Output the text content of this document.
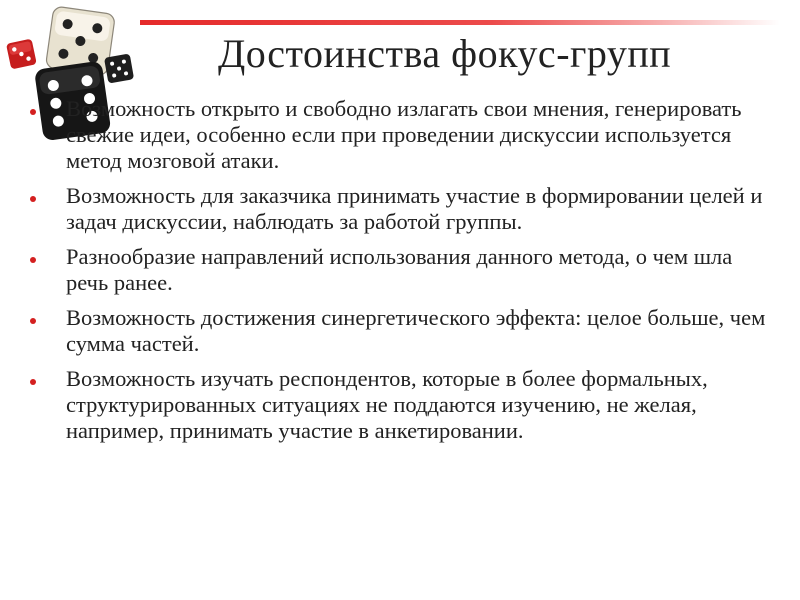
Достоинства фокус-групп
Возможность открыто и свободно излагать свои мнения, генерировать свежие идеи, особенно если при проведении дискуссии используется метод мозговой атаки.
Возможность для заказчика принимать участие в формировании целей и задач дискуссии, наблюдать за работой группы.
Разнообразие направлений использования данного метода, о чем шла речь ранее.
Возможность достижения синергетического эффекта: целое больше, чем сумма частей.
Возможность изучать респондентов, которые в более формальных, структурированных ситуациях не поддаются изучению, не желая, например, принимать участие в анкетировании.
